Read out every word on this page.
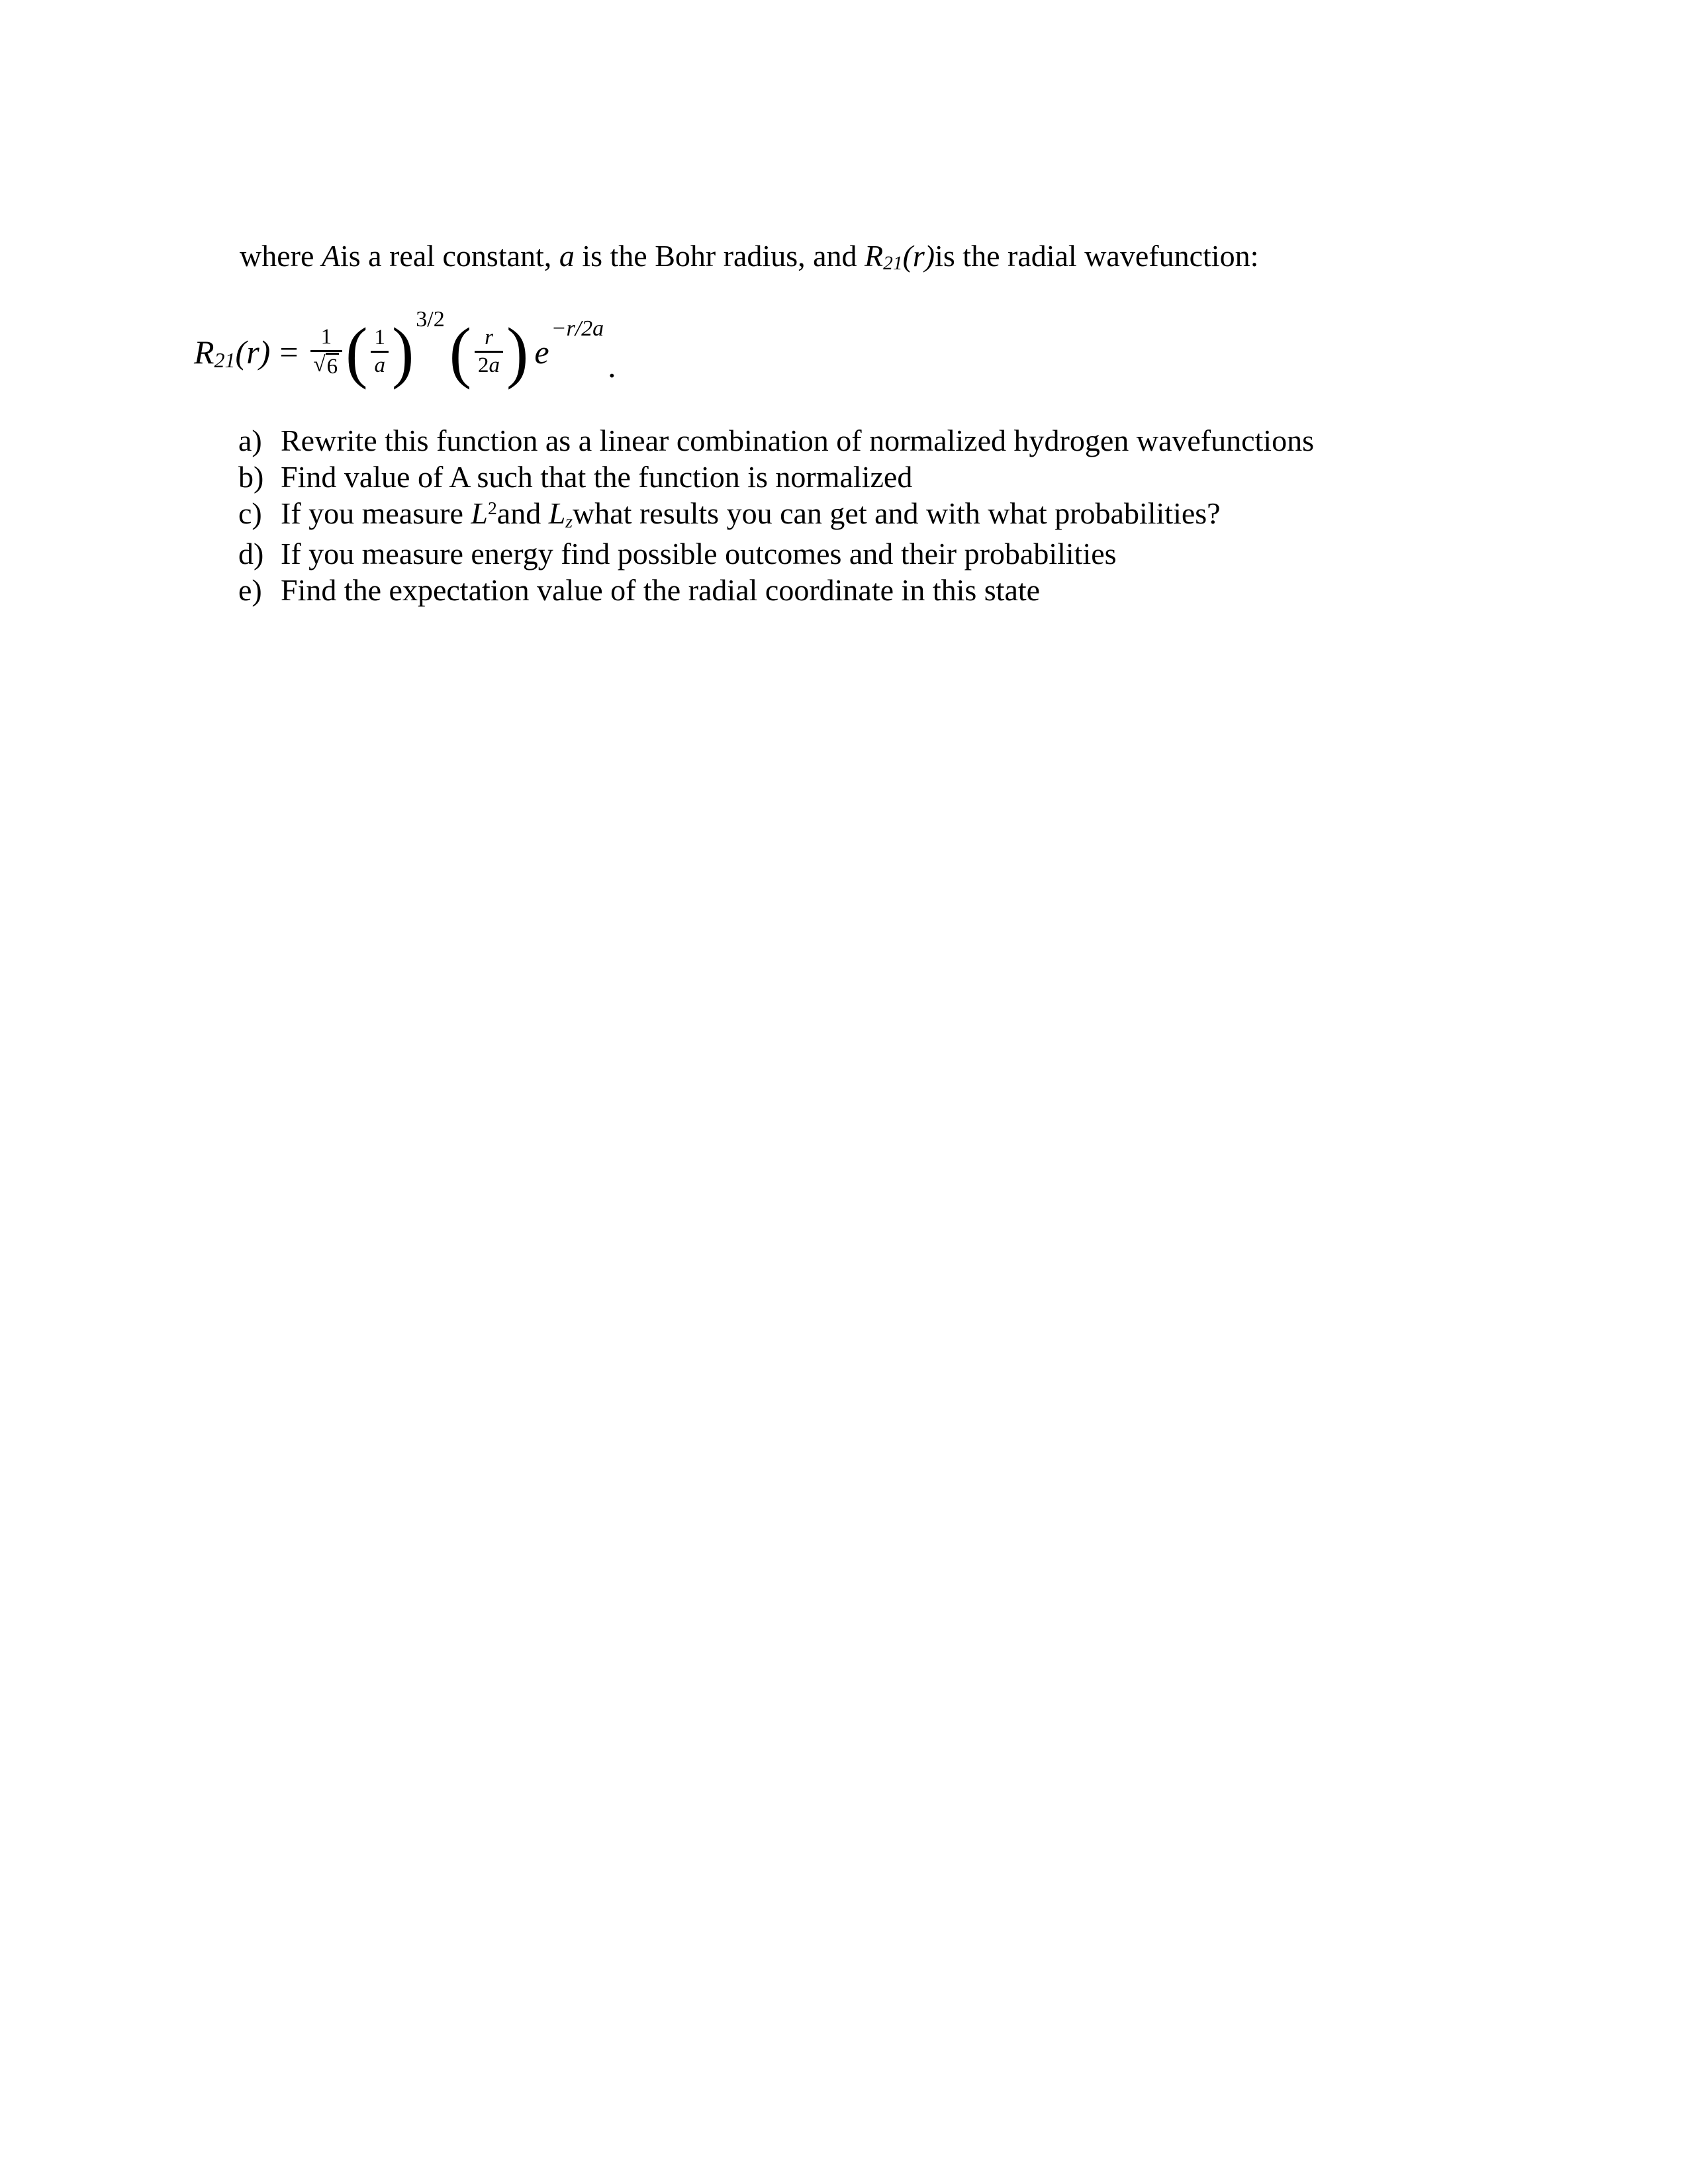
where Ais a real constant, a is the Bohr radius, and R21(r)is the radial wavefunction:

R 21 $(r) = \frac{1}{√ 6}$ ( $\frac{1}{a}$ ) 3/2 ( $\frac{r}{2a}$ ) e
−r/2a
.
a) Rewrite this function as a linear combination of normalized hydrogen wavefunctions
b) Find value of A such that the function is normalized
c) If you measure $L^2and$ Lzwhat results you can get and with what probabilities?
d) If you measure energy find possible outcomes and their probabilities
e) Find the expectation value of the radial coordinate in this state
